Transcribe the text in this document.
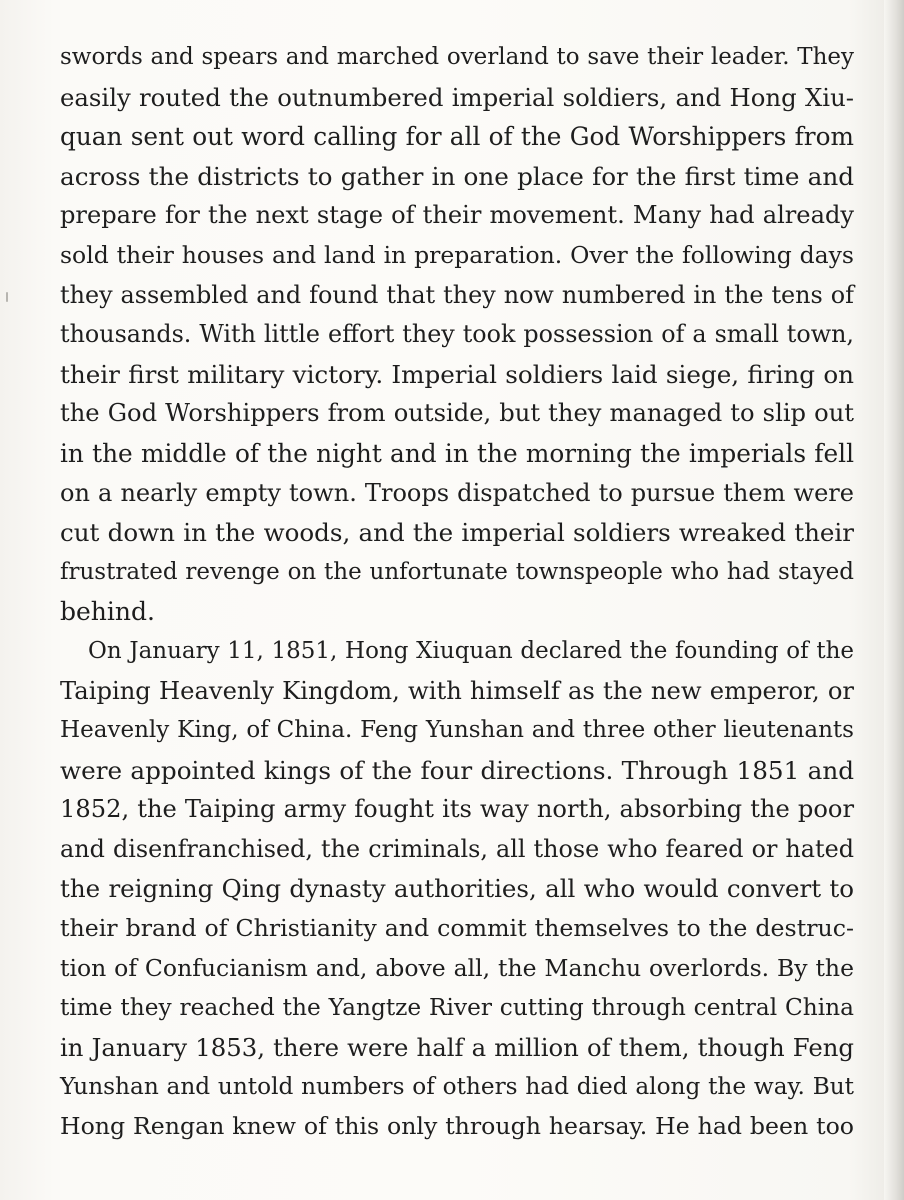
swords and spears and marched overland to save their leader. They
easily routed the outnumbered imperial soldiers, and Hong Xiu-
quan sent out word calling for all of the God Worshippers from
across the districts to gather in one place for the first time and
prepare for the next stage of their movement. Many had already
sold their houses and land in preparation. Over the following days
they assembled and found that they now numbered in the tens of
thousands. With little effort they took possession of a small town,
their first military victory. Imperial soldiers laid siege, firing on
the God Worshippers from outside, but they managed to slip out
in the middle of the night and in the morning the imperials fell
on a nearly empty town. Troops dispatched to pursue them were
cut down in the woods, and the imperial soldiers wreaked their
frustrated revenge on the unfortunate townspeople who had stayed
behind.
On January 11, 1851, Hong Xiuquan declared the founding of the
Taiping Heavenly Kingdom, with himself as the new emperor, or
Heavenly King, of China. Feng Yunshan and three other lieutenants
were appointed kings of the four directions. Through 1851 and
1852, the Taiping army fought its way north, absorbing the poor
and disenfranchised, the criminals, all those who feared or hated
the reigning Qing dynasty authorities, all who would convert to
their brand of Christianity and commit themselves to the destruc-
tion of Confucianism and, above all, the Manchu overlords. By the
time they reached the Yangtze River cutting through central China
in January 1853, there were half a million of them, though Feng
Yunshan and untold numbers of others had died along the way. But
Hong Rengan knew of this only through hearsay. He had been too
